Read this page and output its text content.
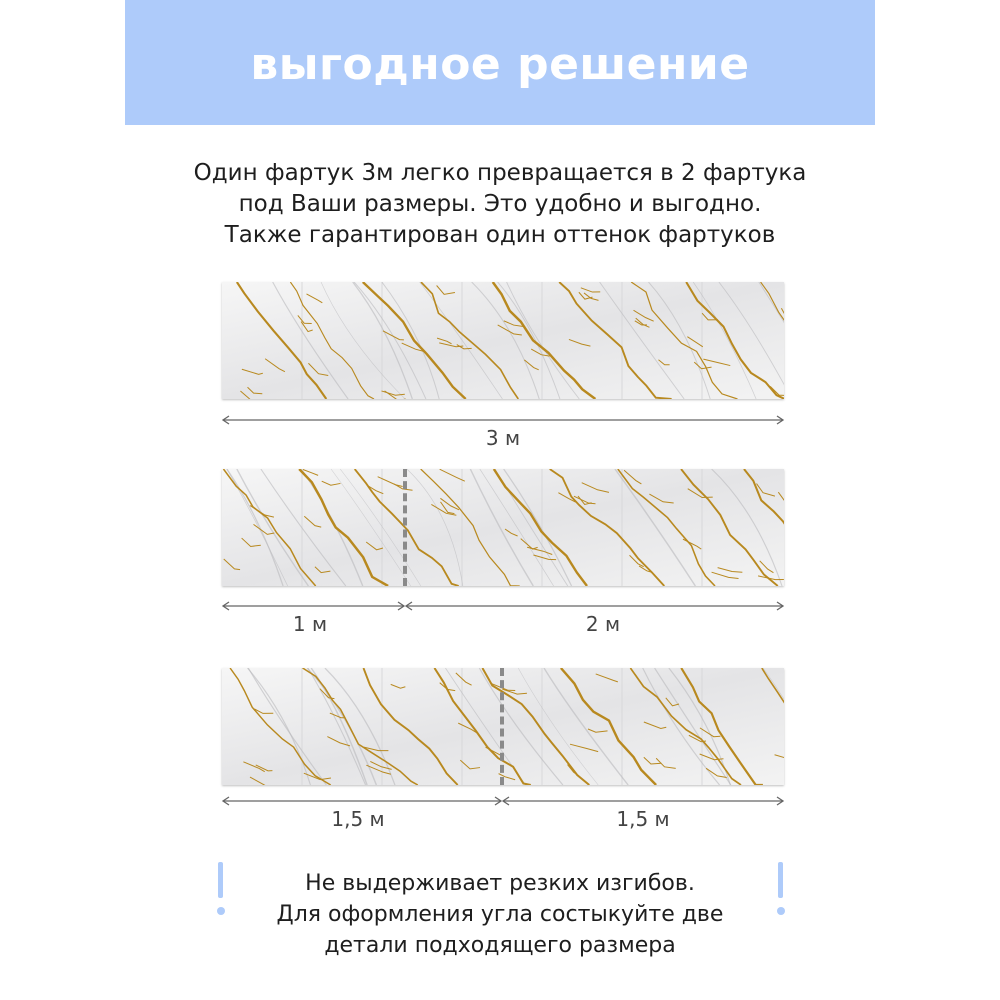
выгодное решение
Один фартук 3м легко превращается в 2 фартука
под Ваши размеры. Это удобно и выгодно.
Также гарантирован один оттенок фартуков
3 м
1 м	2 м
1,5 м	1,5 м
Не выдерживает резких изгибов.
Для оформления угла состыкуйте две
детали подходящего размера
